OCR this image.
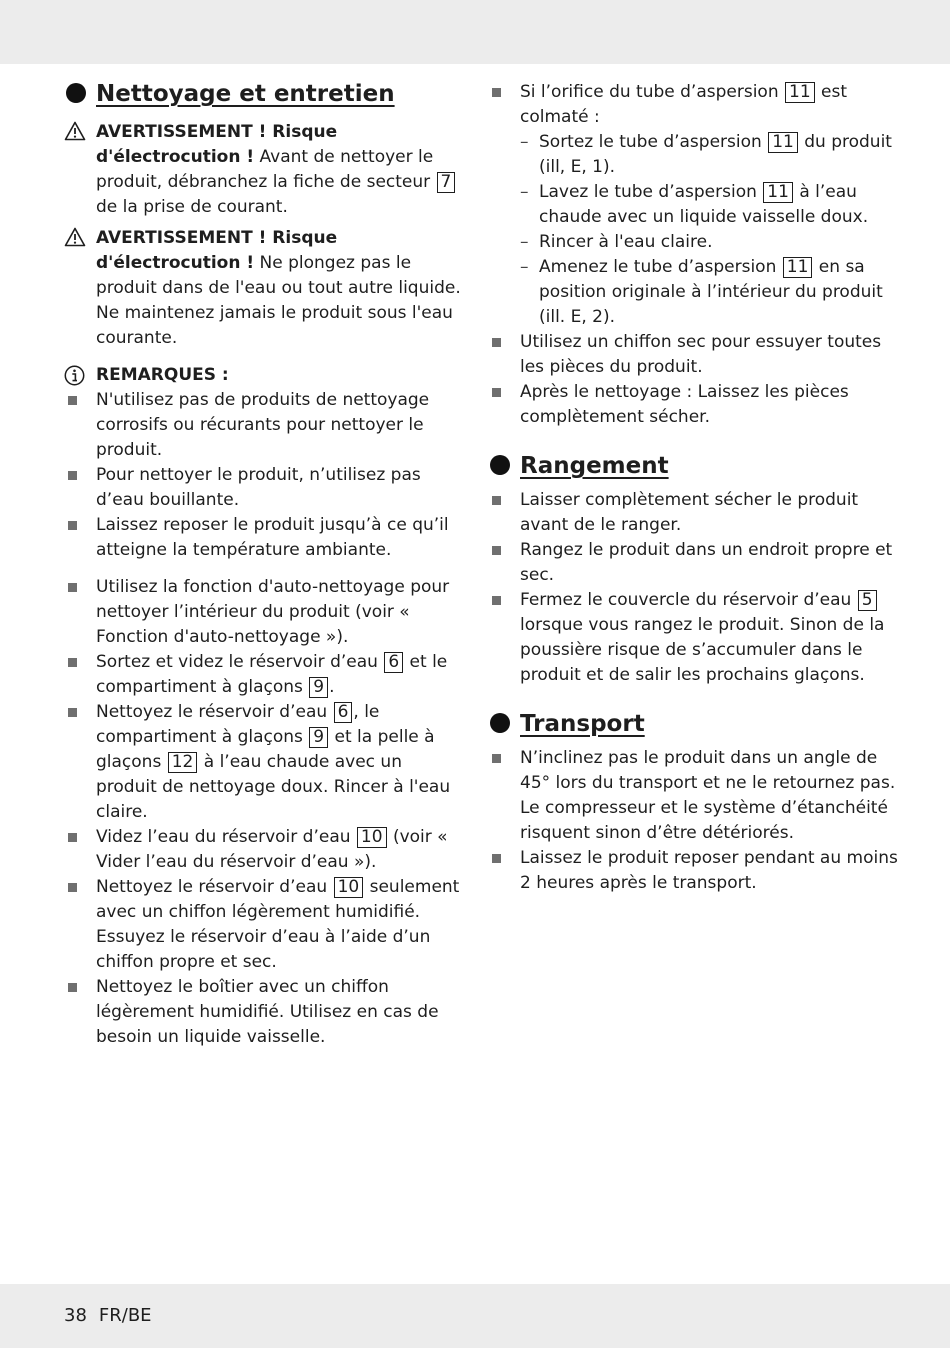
Nettoyage et entretien
AVERTISSEMENT ! Risque d'électrocution ! Avant de nettoyer le produit, débranchez la fiche de secteur 7 de la prise de courant.
AVERTISSEMENT ! Risque d'électrocution ! Ne plongez pas le produit dans de l'eau ou tout autre liquide. Ne maintenez jamais le produit sous l'eau courante.
REMARQUES :
N'utilisez pas de produits de nettoyage corrosifs ou récurants pour nettoyer le produit.
Pour nettoyer le produit, n’utilisez pas d’eau bouillante.
Laissez reposer le produit jusqu’à ce qu’il atteigne la température ambiante.
Utilisez la fonction d'auto-nettoyage pour nettoyer l’intérieur du produit (voir « Fonction d'auto-nettoyage »).
Sortez et videz le réservoir d’eau 6 et le compartiment à glaçons 9 .
Nettoyez le réservoir d’eau 6 , le compartiment à glaçons 9 et la pelle à glaçons 12 à l’eau chaude avec un produit de nettoyage doux. Rincer à l'eau claire.
Videz l’eau du réservoir d’eau 10 (voir « Vider l’eau du réservoir d’eau »).
Nettoyez le réservoir d’eau 10 seulement avec un chiffon légèrement humidifié. Essuyez le réservoir d’eau à l’aide d’un chiffon propre et sec.
Nettoyez le boîtier avec un chiffon légèrement humidifié. Utilisez en cas de besoin un liquide vaisselle.
Si l’orifice du tube d’aspersion 11 est colmaté :
– Sortez le tube d’aspersion 11 du produit (ill, E, 1).
– Lavez le tube d’aspersion 11 à l’eau chaude avec un liquide vaisselle doux.
– Rincer à l'eau claire.
– Amenez le tube d’aspersion 11 en sa position originale à l’intérieur du produit (ill. E, 2).
Utilisez un chiffon sec pour essuyer toutes les pièces du produit.
Après le nettoyage : Laissez les pièces complètement sécher.
Rangement
Laisser complètement sécher le produit avant de le ranger.
Rangez le produit dans un endroit propre et sec.
Fermez le couvercle du réservoir d’eau 5 lorsque vous rangez le produit. Sinon de la poussière risque de s’accumuler dans le produit et de salir les prochains glaçons.
Transport
N’inclinez pas le produit dans un angle de 45° lors du transport et ne le retournez pas. Le compresseur et le système d’étanchéité risquent sinon d’être détériorés.
Laissez le produit reposer pendant au moins 2 heures après le transport.
38 FR/BE
